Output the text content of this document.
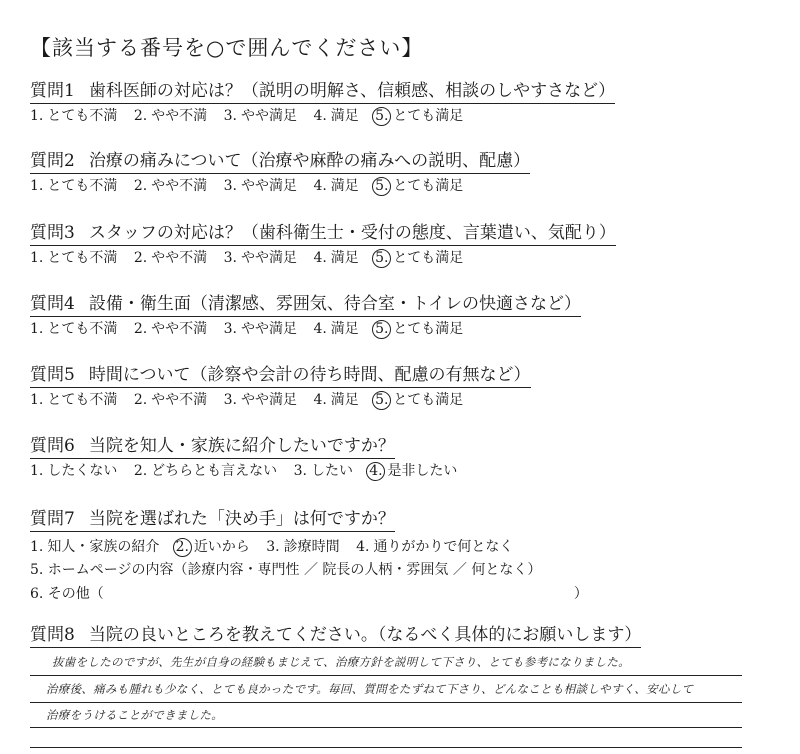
【該当する番号を○で囲んでください】
質問1 歯科医師の対応は？（説明の明解さ、信頼感、相談のしやすさなど）
1. とても不満 2. やや不満 3. やや満足 4. 満足 5. とても満足
質問2 治療の痛みについて（治療や麻酔の痛みへの説明、配慮）
1. とても不満 2. やや不満 3. やや満足 4. 満足 5. とても満足
質問3 スタッフの対応は？（歯科衛生士・受付の態度、言葉遣い、気配り）
1. とても不満 2. やや不満 3. やや満足 4. 満足 5. とても満足
質問4 設備・衛生面（清潔感、雰囲気、待合室・トイレの快適さなど）
1. とても不満 2. やや不満 3. やや満足 4. 満足 5. とても満足
質問5 時間について（診察や会計の待ち時間、配慮の有無など）
1. とても不満 2. やや不満 3. やや満足 4. 満足 5. とても満足
質問6 当院を知人・家族に紹介したいですか？
1. したくない 2. どちらとも言えない 3. したい 4. 是非したい
質問7 当院を選ばれた「決め手」は何ですか？
1. 知人・家族の紹介 2. 近いから 3. 診療時間 4. 通りがかりで何となく
5. ホームページの内容（診療内容・専門性 ／ 院長の人柄・雰囲気 ／ 何となく）
6. その他（	）
質問8 当院の良いところを教えてください。（なるべく具体的にお願いします）
抜歯をしたのですが、先生が自身の経験もまじえて、治療方針を説明して下さり、とても参考になりました。
治療後、痛みも腫れも少なく、とても良かったです。毎回、質問をたずねて下さり、どんなことも相談しやすく、安心して
治療をうけることができました。
